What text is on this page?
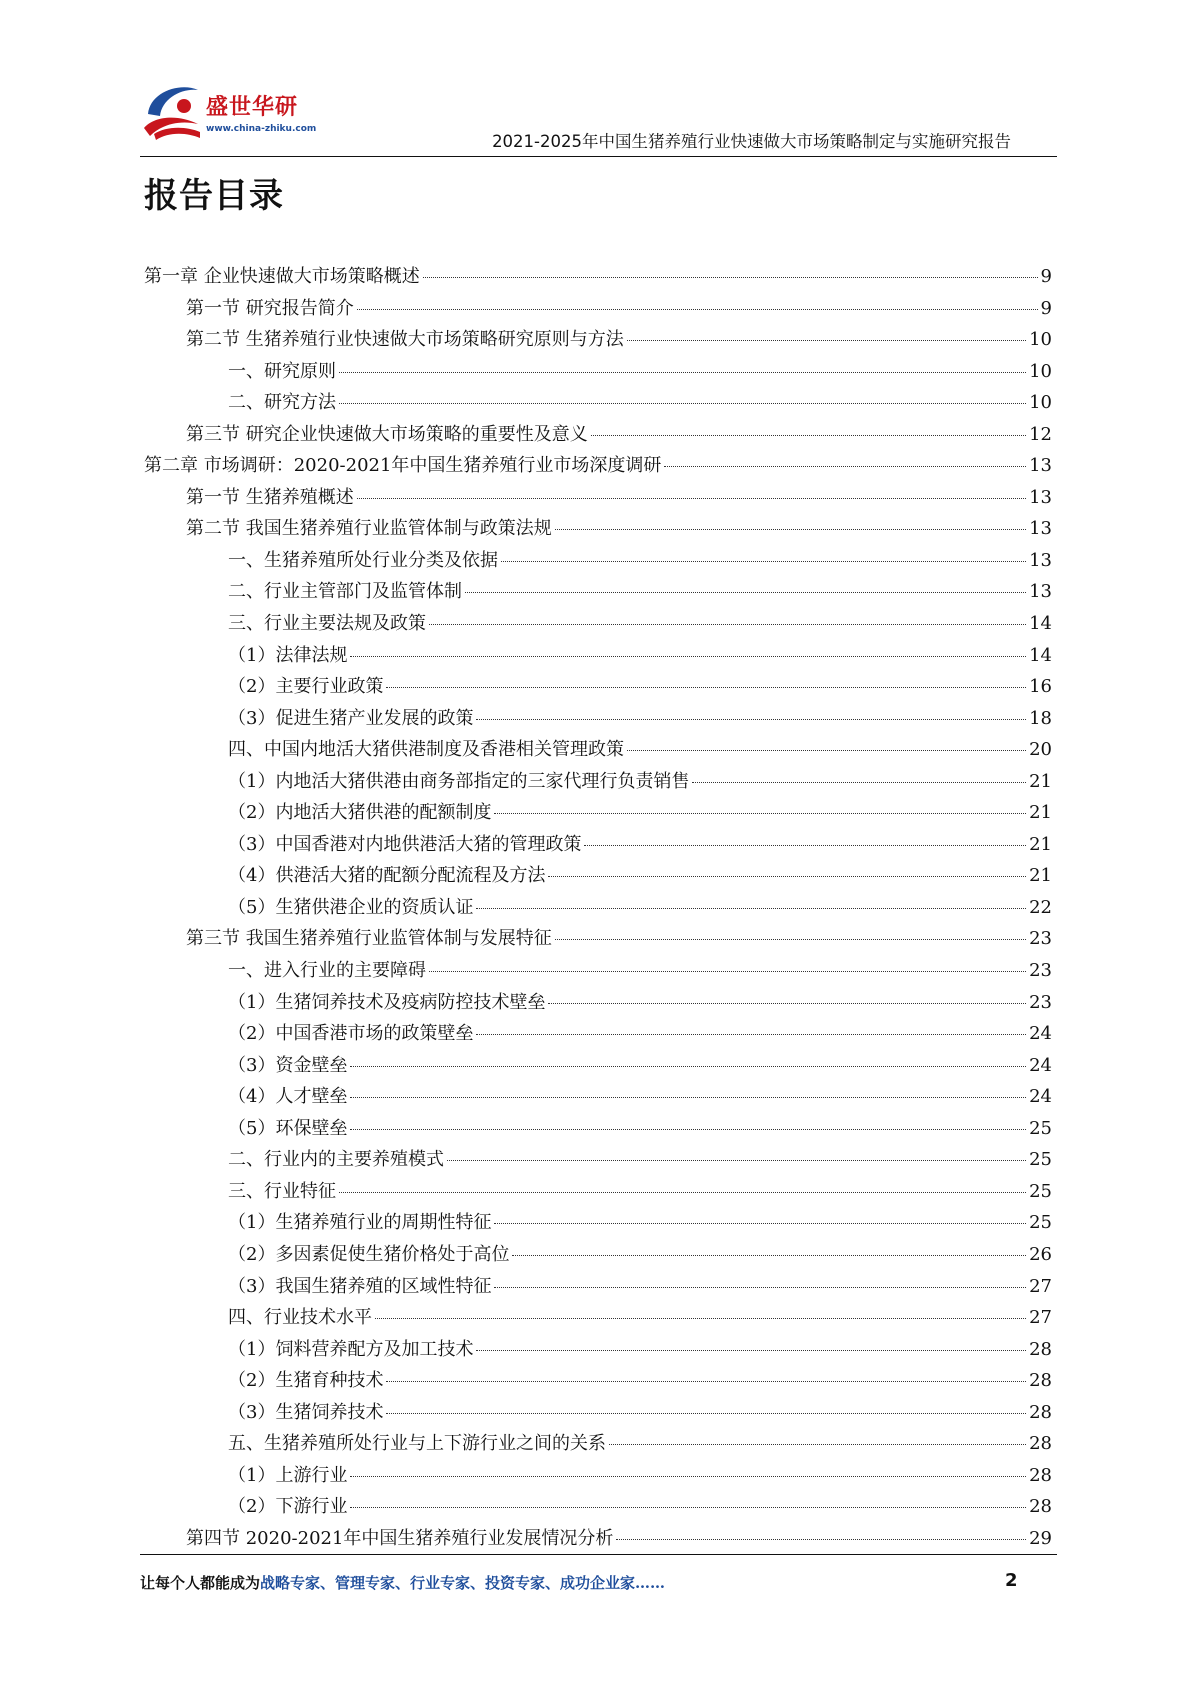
盛世华研
www.china-zhiku.com
2021-2025年中国生猪养殖行业快速做大市场策略制定与实施研究报告
报告目录
第一章 企业快速做大市场策略概述	9
第一节 研究报告简介	9
第二节 生猪养殖行业快速做大市场策略研究原则与方法	10
一、研究原则	10
二、研究方法	10
第三节 研究企业快速做大市场策略的重要性及意义	12
第二章 市场调研：2020-2021年中国生猪养殖行业市场深度调研	13
第一节 生猪养殖概述	13
第二节 我国生猪养殖行业监管体制与政策法规	13
一、生猪养殖所处行业分类及依据	13
二、行业主管部门及监管体制	13
三、行业主要法规及政策	14
（1）法律法规	14
（2）主要行业政策	16
（3）促进生猪产业发展的政策	18
四、中国内地活大猪供港制度及香港相关管理政策	20
（1）内地活大猪供港由商务部指定的三家代理行负责销售	21
（2）内地活大猪供港的配额制度	21
（3）中国香港对内地供港活大猪的管理政策	21
（4）供港活大猪的配额分配流程及方法	21
（5）生猪供港企业的资质认证	22
第三节 我国生猪养殖行业监管体制与发展特征	23
一、进入行业的主要障碍	23
（1）生猪饲养技术及疫病防控技术壁垒	23
（2）中国香港市场的政策壁垒	24
（3）资金壁垒	24
（4）人才壁垒	24
（5）环保壁垒	25
二、行业内的主要养殖模式	25
三、行业特征	25
（1）生猪养殖行业的周期性特征	25
（2）多因素促使生猪价格处于高位	26
（3）我国生猪养殖的区域性特征	27
四、行业技术水平	27
（1）饲料营养配方及加工技术	28
（2）生猪育种技术	28
（3）生猪饲养技术	28
五、生猪养殖所处行业与上下游行业之间的关系	28
（1）上游行业	28
（2）下游行业	28
第四节 2020-2021年中国生猪养殖行业发展情况分析	29
让每个人都能成为战略专家、管理专家、行业专家、投资专家、成功企业家……	2
